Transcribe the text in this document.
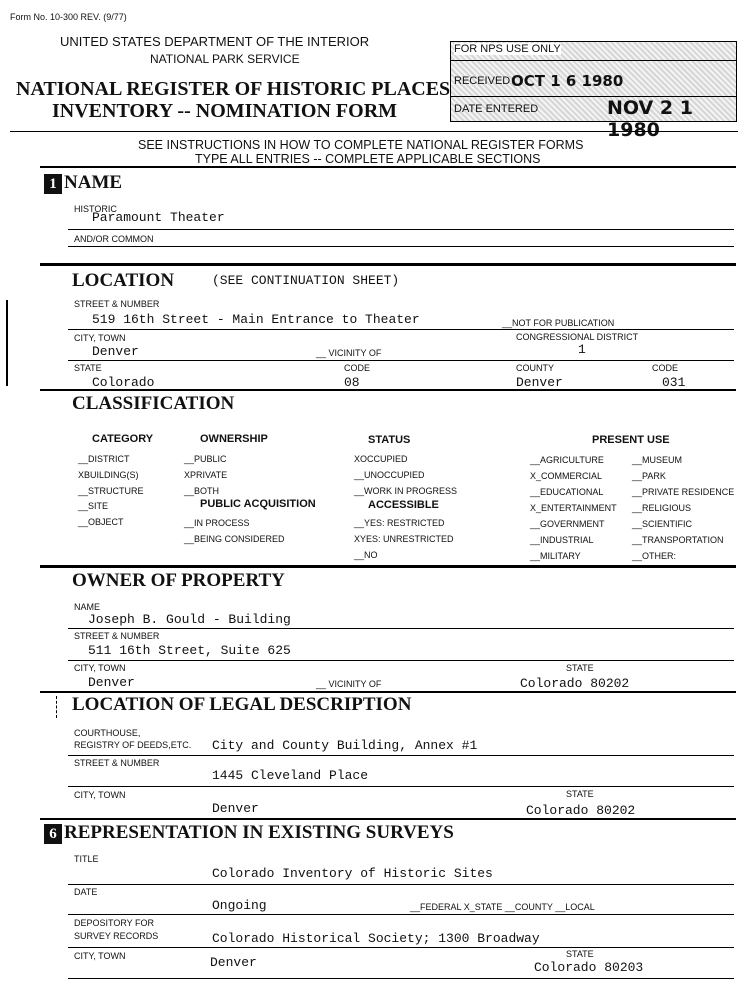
Form No. 10-300 REV. (9/77)
UNITED STATES DEPARTMENT OF THE INTERIOR
NATIONAL PARK SERVICE
NATIONAL REGISTER OF HISTORIC PLACES
INVENTORY -- NOMINATION FORM
FOR NPS USE ONLY
RECEIVED OCT 1 6 1980
DATE ENTERED	NOV 2 1 1980
SEE INSTRUCTIONS IN HOW TO COMPLETE NATIONAL REGISTER FORMS
TYPE ALL ENTRIES -- COMPLETE APPLICABLE SECTIONS
1 NAME
HISTORIC
Paramount Theater
AND/OR COMMON
LOCATION	(SEE CONTINUATION SHEET)
STREET & NUMBER
519 16th Street - Main Entrance to Theater	__NOT FOR PUBLICATION
CITY, TOWN	CONGRESSIONAL DISTRICT
Denver	__ VICINITY OF	1
STATE	CODE	COUNTY	CODE
Colorado	08	Denver	031
CLASSIFICATION
CATEGORY
__DISTRICT
XBUILDING(S)
__STRUCTURE
__SITE
__OBJECT
OWNERSHIP
__PUBLIC
XPRIVATE
__BOTH
PUBLIC ACQUISITION
__IN PROCESS
__BEING CONSIDERED
STATUS
XOCCUPIED
__UNOCCUPIED
__WORK IN PROGRESS
ACCESSIBLE
__YES: RESTRICTED
XYES: UNRESTRICTED
__NO
PRESENT USE
__AGRICULTURE
X_COMMERCIAL
__EDUCATIONAL
X_ENTERTAINMENT
__GOVERNMENT
__INDUSTRIAL
__MILITARY
__MUSEUM
__PARK
__PRIVATE RESIDENCE
__RELIGIOUS
__SCIENTIFIC
__TRANSPORTATION
__OTHER:
OWNER OF PROPERTY
NAME
Joseph B. Gould - Building
STREET & NUMBER
511 16th Street, Suite 625
CITY, TOWN	STATE
Denver	__ VICINITY OF	Colorado 80202
LOCATION OF LEGAL DESCRIPTION
COURTHOUSE,
REGISTRY OF DEEDS,ETC. City and County Building, Annex #1
STREET & NUMBER
1445 Cleveland Place
CITY, TOWN	STATE
Denver	Colorado 80202
6 REPRESENTATION IN EXISTING SURVEYS
TITLE
Colorado Inventory of Historic Sites
DATE
Ongoing	__FEDERAL X_STATE __COUNTY __LOCAL
DEPOSITORY FOR
SURVEY RECORDS	Colorado Historical Society; 1300 Broadway
CITY, TOWN	STATE
Denver	Colorado 80203
